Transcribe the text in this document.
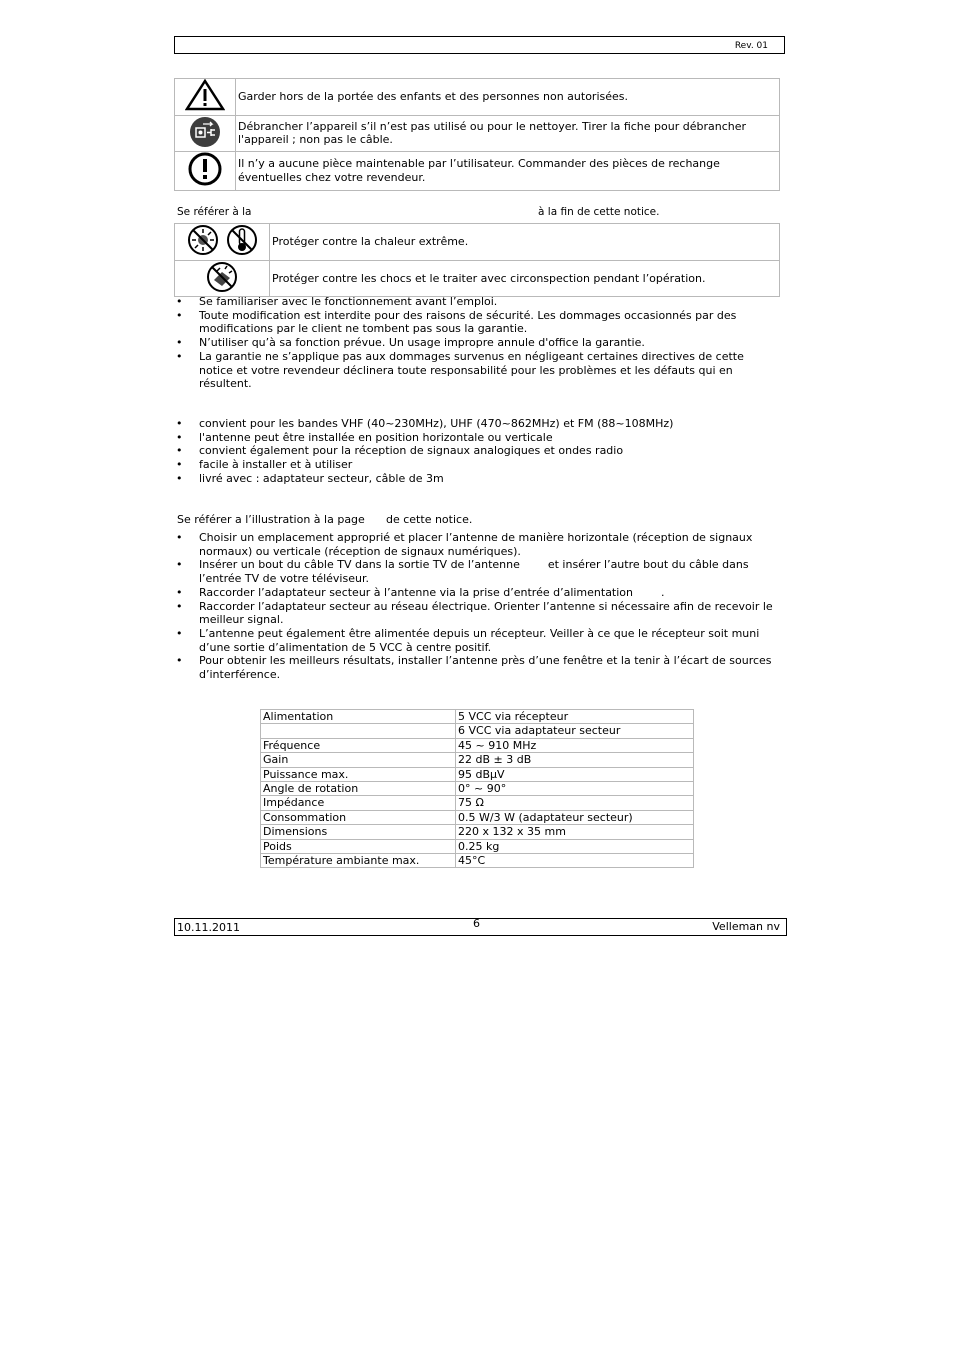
Rev. 01
	Garder hors de la portée des enfants et des personnes non autorisées.
	Débrancher l’appareil s’il n’est pas utilisé ou pour le nettoyer. Tirer la fiche pour débrancher l'appareil ; non pas le câble.
	Il n’y a aucune pièce maintenable par l’utilisateur. Commander des pièces de rechange éventuelles chez votre revendeur.
Se référer à la	à la fin de cette notice.
	Protéger contre la chaleur extrême.
	Protéger contre les chocs et le traiter avec circonspection pendant l’opération.
• Se familiariser avec le fonctionnement avant l’emploi.
• Toute modification est interdite pour des raisons de sécurité. Les dommages occasionnés par des modifications par le client ne tombent pas sous la garantie.
• N’utiliser qu’à sa fonction prévue. Un usage impropre annule d'office la garantie.
• La garantie ne s’applique pas aux dommages survenus en négligeant certaines directives de cette notice et votre revendeur déclinera toute responsabilité pour les problèmes et les défauts qui en résultent.
• convient pour les bandes VHF (40~230MHz), UHF (470~862MHz) et FM (88~108MHz)
• l'antenne peut être installée en position horizontale ou verticale
• convient également pour la réception de signaux analogiques et ondes radio
• facile à installer et à utiliser
• livré avec : adaptateur secteur, câble de 3m
Se référer a l’illustration à la page de cette notice.
• Choisir un emplacement approprié et placer l’antenne de manière horizontale (réception de signaux normaux) ou verticale (réception de signaux numériques).
• Insérer un bout du câble TV dans la sortie TV de l’antenne        et insérer l’autre bout du câble dans l’entrée TV de votre téléviseur.
• Raccorder l’adaptateur secteur à l’antenne via la prise d’entrée d’alimentation        .
• Raccorder l’adaptateur secteur au réseau électrique. Orienter l’antenne si nécessaire afin de recevoir le meilleur signal.
• L’antenne peut également être alimentée depuis un récepteur. Veiller à ce que le récepteur soit muni d’une sortie d’alimentation de 5 VCC à centre positif.
• Pour obtenir les meilleurs résultats, installer l’antenne près d’une fenêtre et la tenir à l’écart de sources d’interférence.
Alimentation	5 VCC via récepteur
	6 VCC via adaptateur secteur
Fréquence	45 ~ 910 MHz
Gain	22 dB ± 3 dB
Puissance max.	95 dBµV
Angle de rotation	0° ~ 90°
Impédance	75 Ω
Consommation	0.5 W/3 W (adaptateur secteur)
Dimensions	220 x 132 x 35 mm
Poids	0.25 kg
Température ambiante max.	45°C
10.11.2011	6	Velleman nv
